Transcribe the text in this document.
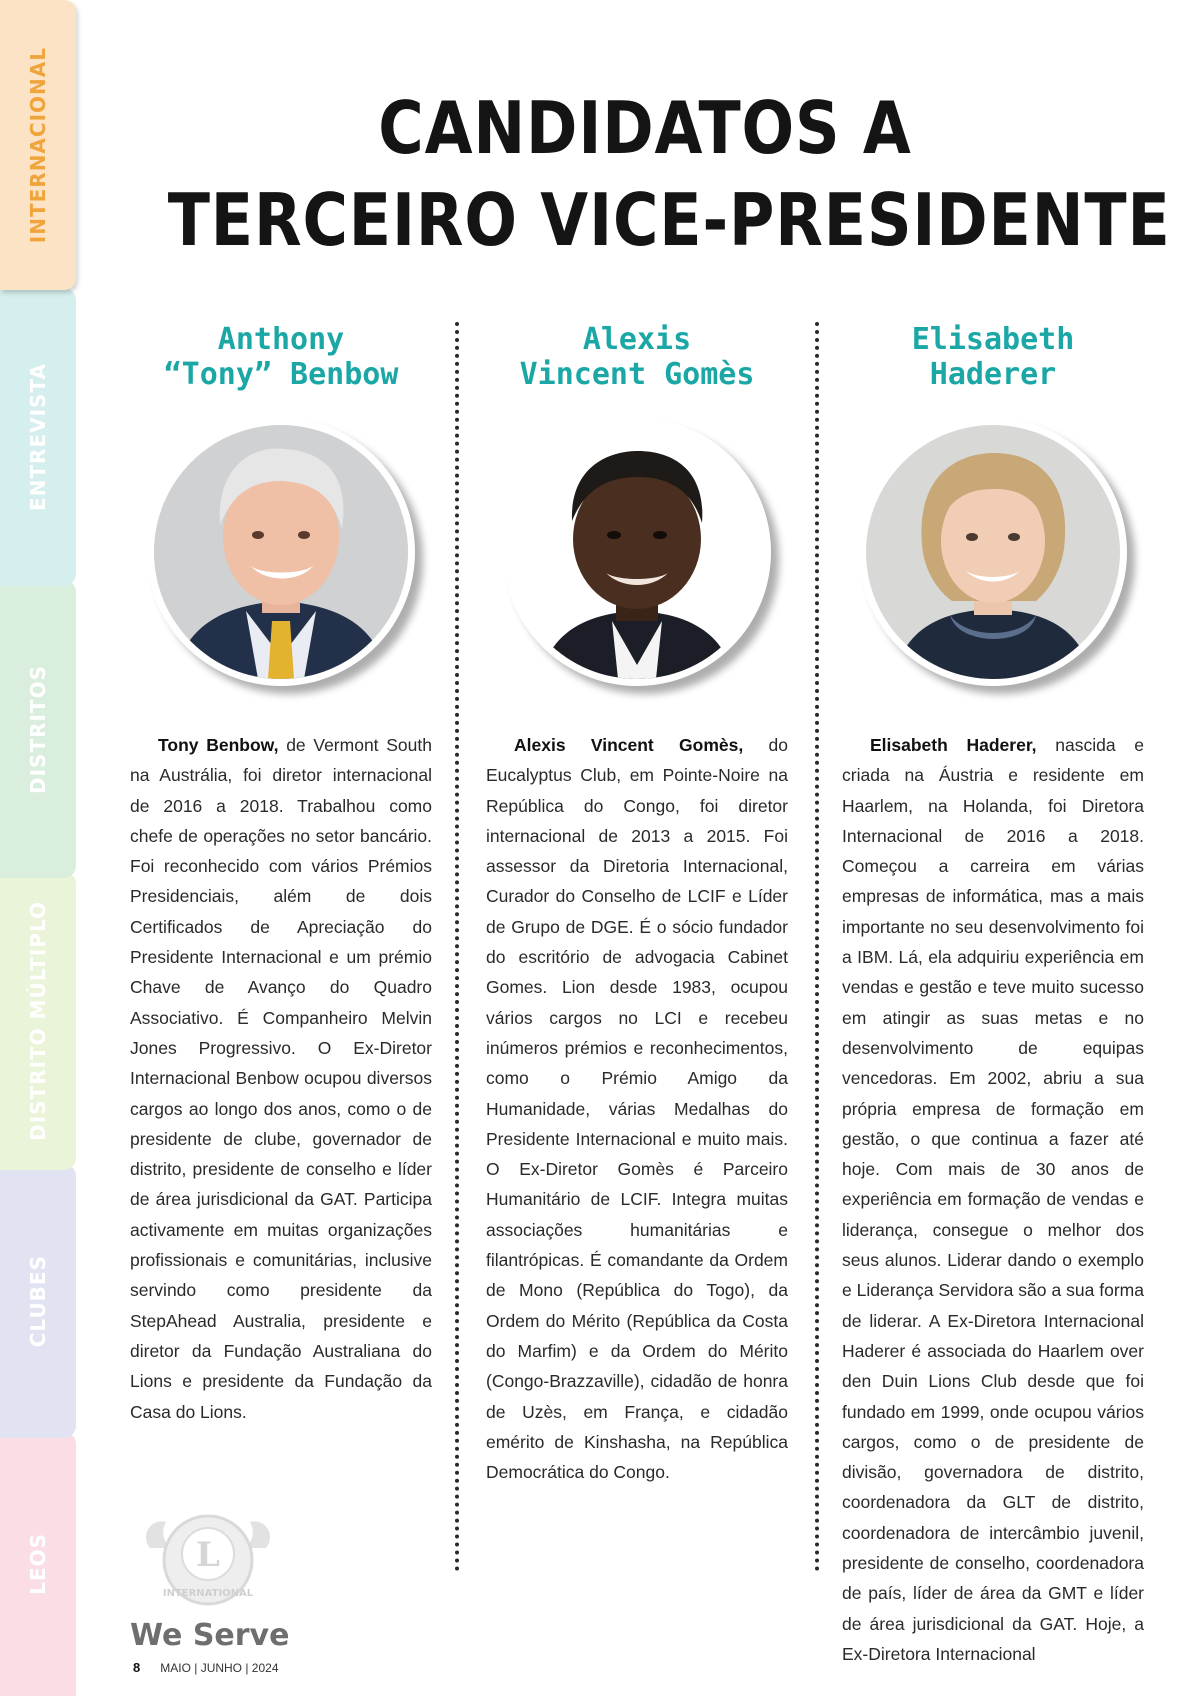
INTERNACIONAL
ENTREVISTA
DISTRITOS
DISTRITO MÚLTIPLO
CLUBES
LEOS
CANDIDATOS A
TERCEIRO VICE-PRESIDENTE
Anthony
“Tony” Benbow

Tony Benbow, de Vermont South na Austrália, foi diretor internacional de 2016 a 2018. Trabalhou como chefe de operações no setor bancário. Foi reconhecido com vários Prémios Presidenciais, além de dois Certificados de Apreciação do Presidente Internacional e um prémio Chave de Avanço do Quadro Associativo. É Companheiro Melvin Jones Progressivo. O Ex-Diretor Internacional Benbow ocupou diversos cargos ao longo dos anos, como o de presidente de clube, governador de distrito, presidente de conselho e líder de área jurisdicional da GAT. Participa activamente em muitas organizações profissionais e comunitárias, inclusive servindo como presidente da StepAhead Australia, presidente e diretor da Fundação Australiana do Lions e presidente da Fundação da Casa do Lions.

Alexis
Vincent Gomès

Alexis Vincent Gomès, do Eucalyptus Club, em Pointe-Noire na República do Congo, foi diretor internacional de 2013 a 2015. Foi assessor da Diretoria Internacional, Curador do Conselho de LCIF e Líder de Grupo de DGE. É o sócio fundador do escritório de advogacia Cabinet Gomes. Lion desde 1983, ocupou vários cargos no LCI e recebeu inúmeros prémios e reconhecimentos, como o Prémio Amigo da Humanidade, várias Medalhas do Presidente Internacional e muito mais. O Ex-Diretor Gomès é Parceiro Humanitário de LCIF. Integra muitas associações humanitárias e filantrópicas. É comandante da Ordem de Mono (República do Togo), da Ordem do Mérito (República da Costa do Marfim) e da Ordem do Mérito (Congo-Brazzaville), cidadão de honra de Uzès, em França, e cidadão emérito de Kinshasha, na República Democrática do Congo.

Elisabeth
Haderer

Elisabeth Haderer, nascida e criada na Áustria e residente em Haarlem, na Holanda, foi Diretora Internacional de 2016 a 2018. Começou a carreira em várias empresas de informática, mas a mais importante no seu desenvolvimento foi a IBM. Lá, ela adquiriu experiência em vendas e gestão e teve muito sucesso em atingir as suas metas e no desenvolvimento de equipas vencedoras. Em 2002, abriu a sua própria empresa de formação em gestão, o que continua a fazer até hoje. Com mais de 30 anos de experiência em formação de vendas e liderança, consegue o melhor dos seus alunos. Liderar dando o exemplo e Liderança Servidora são a sua forma de liderar. A Ex-Diretora Internacional Haderer é associada do Haarlem over den Duin Lions Club desde que foi fundado em 1999, onde ocupou vários cargos, como o de presidente de divisão, governadora de distrito, coordenadora da GLT de distrito, coordenadora de intercâmbio juvenil, presidente de conselho, coordenadora de país, líder de área da GMT e líder de área jurisdicional da GAT. Hoje, a Ex-Diretora Internacional

L
INTERNATIONAL

We Serve

8 MAIO | JUNHO | 2024
